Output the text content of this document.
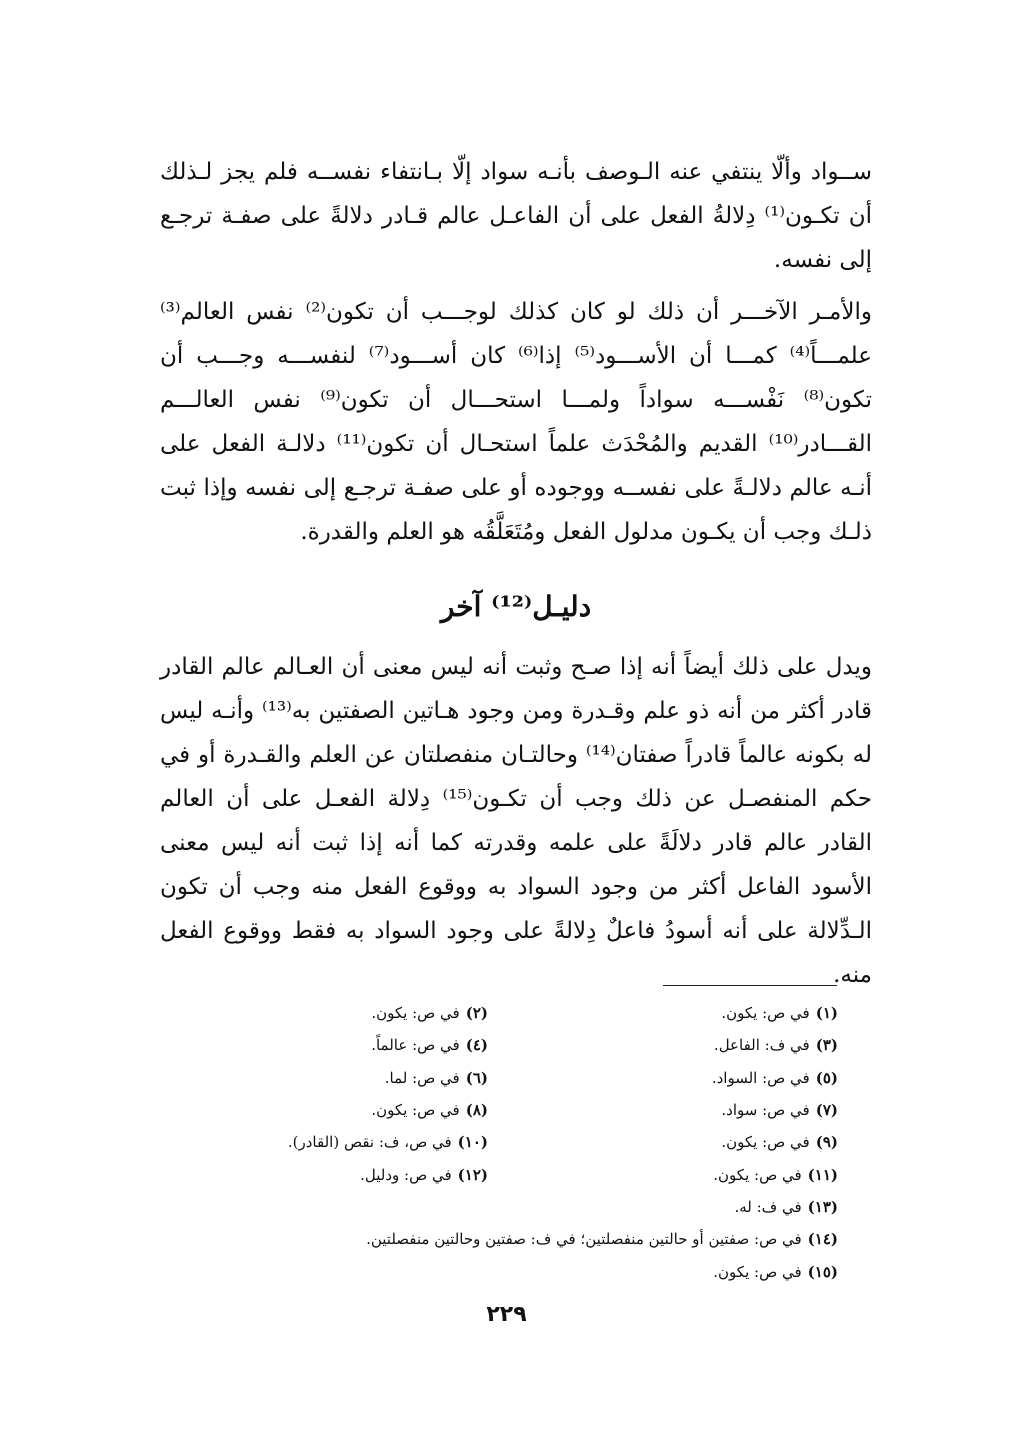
ســواد وألّا ينتفي عنه الـوصف بأنـه سواد إلّا بـانتفاء نفســه فلم يجز لـذلك أن تكـون⁽¹⁾ دِلالةُ الفعل على أن الفاعـل عالم قـادر دلالةً على صفـة ترجـع إلى نفسه.

والأمـر الآخـــر أن ذلك لو كان كذلك لوجـــب أن تكون⁽²⁾ نفس العالم⁽³⁾ علمـــاً⁽⁴⁾ كمـــا أن الأســـود⁽⁵⁾ إذا⁽⁶⁾ كان أســـود⁽⁷⁾ لنفســـه وجـــب أن تكون⁽⁸⁾ نَفْســـه سواداً ولمـــا استحـــال أن تكون⁽⁹⁾ نفس العالـــم القـــادر⁽¹⁰⁾ القديم والمُحْدَث علماً استحـال أن تكون⁽¹¹⁾ دلالـة الفعل على أنـه عالم دلالـةً على نفســه ووجوده أو على صفـة ترجـع إلى نفسه وإذا ثبت ذلـك وجب أن يكـون مدلول الفعل ومُتَعَلَّقُه هو العلم والقدرة.

دليـل⁽¹²⁾ آخر

ويدل على ذلك أيضاً أنه إذا صـح وثبت أنه ليس معنى أن العـالم عالم القادر قادر أكثر من أنه ذو علم وقـدرة ومن وجود هـاتين الصفتين به⁽¹³⁾ وأنـه ليس له بكونه عالماً قادراً صفتان⁽¹⁴⁾ وحالتـان منفصلتان عن العلم والقـدرة أو في حكم المنفصـل عن ذلك وجب أن تكـون⁽¹⁵⁾ دِلالة الفعـل على أن العالم القادر عالم قادر دلالَةً على علمه وقدرته كما أنه إذا ثبت أنه ليس معنى الأسود الفاعل أكثر من وجود السواد به ووقوع الفعل منه وجب أن تكون الـدِّلالة على أنه أسودُ فاعلٌ دِلالةً على وجود السواد به فقط ووقوع الفعل منه.

(١)في ص: يكون.
(٢)في ص: يكون.
(٣)في ف: الفاعل.
(٤)في ص: عالماً.
(٥)في ص: السواد.
(٦)في ص: لما.
(٧)في ص: سواد.
(٨)في ص: يكون.
(٩)في ص: يكون.
(١٠)في ص، ف: نقص (القادر).
(١١)في ص: يكون.
(١٢)في ص: ودليل.
(١٣)في ف: له.
(١٤)في ص: صفتين أو حالتين منفصلتين؛ في ف: صفتين وحالتين منفصلتين.
(١٥)في ص: يكون.

٢٢٩
